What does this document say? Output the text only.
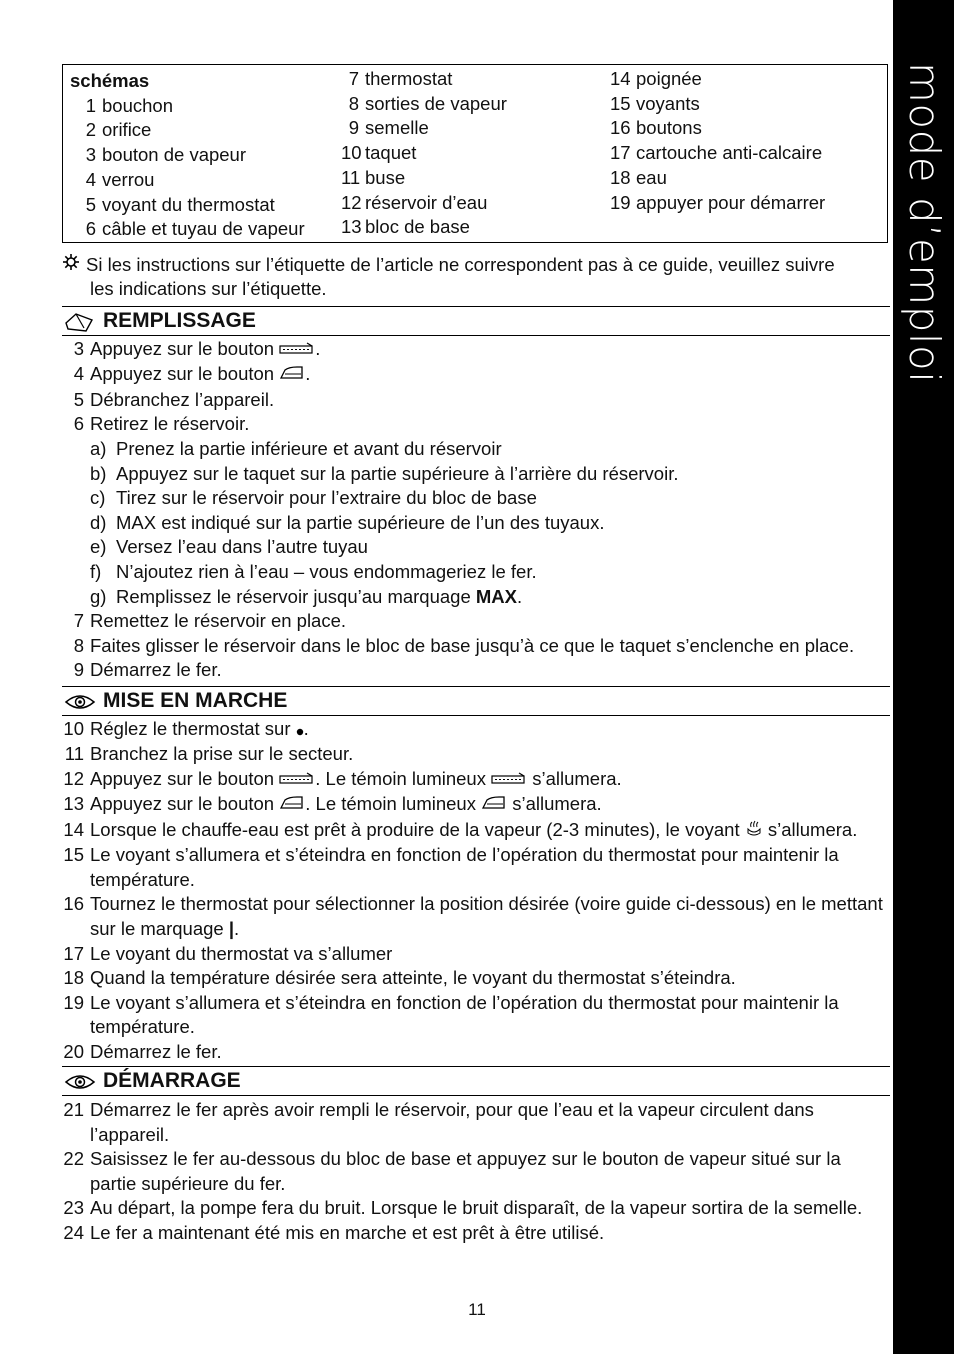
mode d’emploi
schémas
1 bouchon
2 orifice
3 bouton de vapeur
4 verrou
5 voyant du thermostat
6 câble et tuyau de vapeur
7 thermostat
8 sorties de vapeur
9 semelle
10 taquet
11 buse
12 réservoir d’eau
13 bloc de base
14 poignée
15 voyants
16 boutons
17 cartouche anti-calcaire
18 eau
19 appuyer pour démarrer
Si les instructions sur l’étiquette de l’article ne correspondent pas à ce guide, veuillez suivre
les indications sur l’étiquette.
REMPLISSAGE
3 Appuyez sur le bouton .
4 Appuyez sur le bouton .
5 Débranchez l’appareil.
6 Retirez le réservoir.
a) Prenez la partie inférieure et avant du réservoir
b) Appuyez sur le taquet sur la partie supérieure à l’arrière du réservoir.
c) Tirez sur le réservoir pour l’extraire du bloc de base
d) MAX est indiqué sur la partie supérieure de l’un des tuyaux.
e) Versez l’eau dans l’autre tuyau
f) N’ajoutez rien à l’eau – vous endommageriez le fer.
g) Remplissez le réservoir jusqu’au marquage MAX.
7 Remettez le réservoir en place.
8 Faites glisser le réservoir dans le bloc de base jusqu’à ce que le taquet s’enclenche en place.
9 Démarrez le fer.
MISE EN MARCHE
10 Réglez le thermostat sur .
11 Branchez la prise sur le secteur.
12 Appuyez sur le bouton . Le témoin lumineux  s’allumera.
13 Appuyez sur le bouton . Le témoin lumineux  s’allumera.
14 Lorsque le chauffe-eau est prêt à produire de la vapeur (2-3 minutes), le voyant  s’allumera.
15 Le voyant s’allumera et s’éteindra en fonction de l’opération du thermostat pour maintenir la température.
16 Tournez le thermostat pour sélectionner la position désirée (voire guide ci-dessous) en le mettant sur le marquage |.
17 Le voyant du thermostat va s’allumer
18 Quand la température désirée sera atteinte, le voyant du thermostat s’éteindra.
19 Le voyant s’allumera et s’éteindra en fonction de l’opération du thermostat pour maintenir la température.
20 Démarrez le fer.
DÉMARRAGE
21 Démarrez le fer après avoir rempli le réservoir, pour que l’eau et la vapeur circulent dans l’appareil.
22 Saisissez le fer au-dessous du bloc de base et appuyez sur le bouton de vapeur situé sur la partie supérieure du fer.
23 Au départ, la pompe fera du bruit. Lorsque le bruit disparaît, de la vapeur sortira de la semelle.
24 Le fer a maintenant été mis en marche et est prêt à être utilisé.
11
